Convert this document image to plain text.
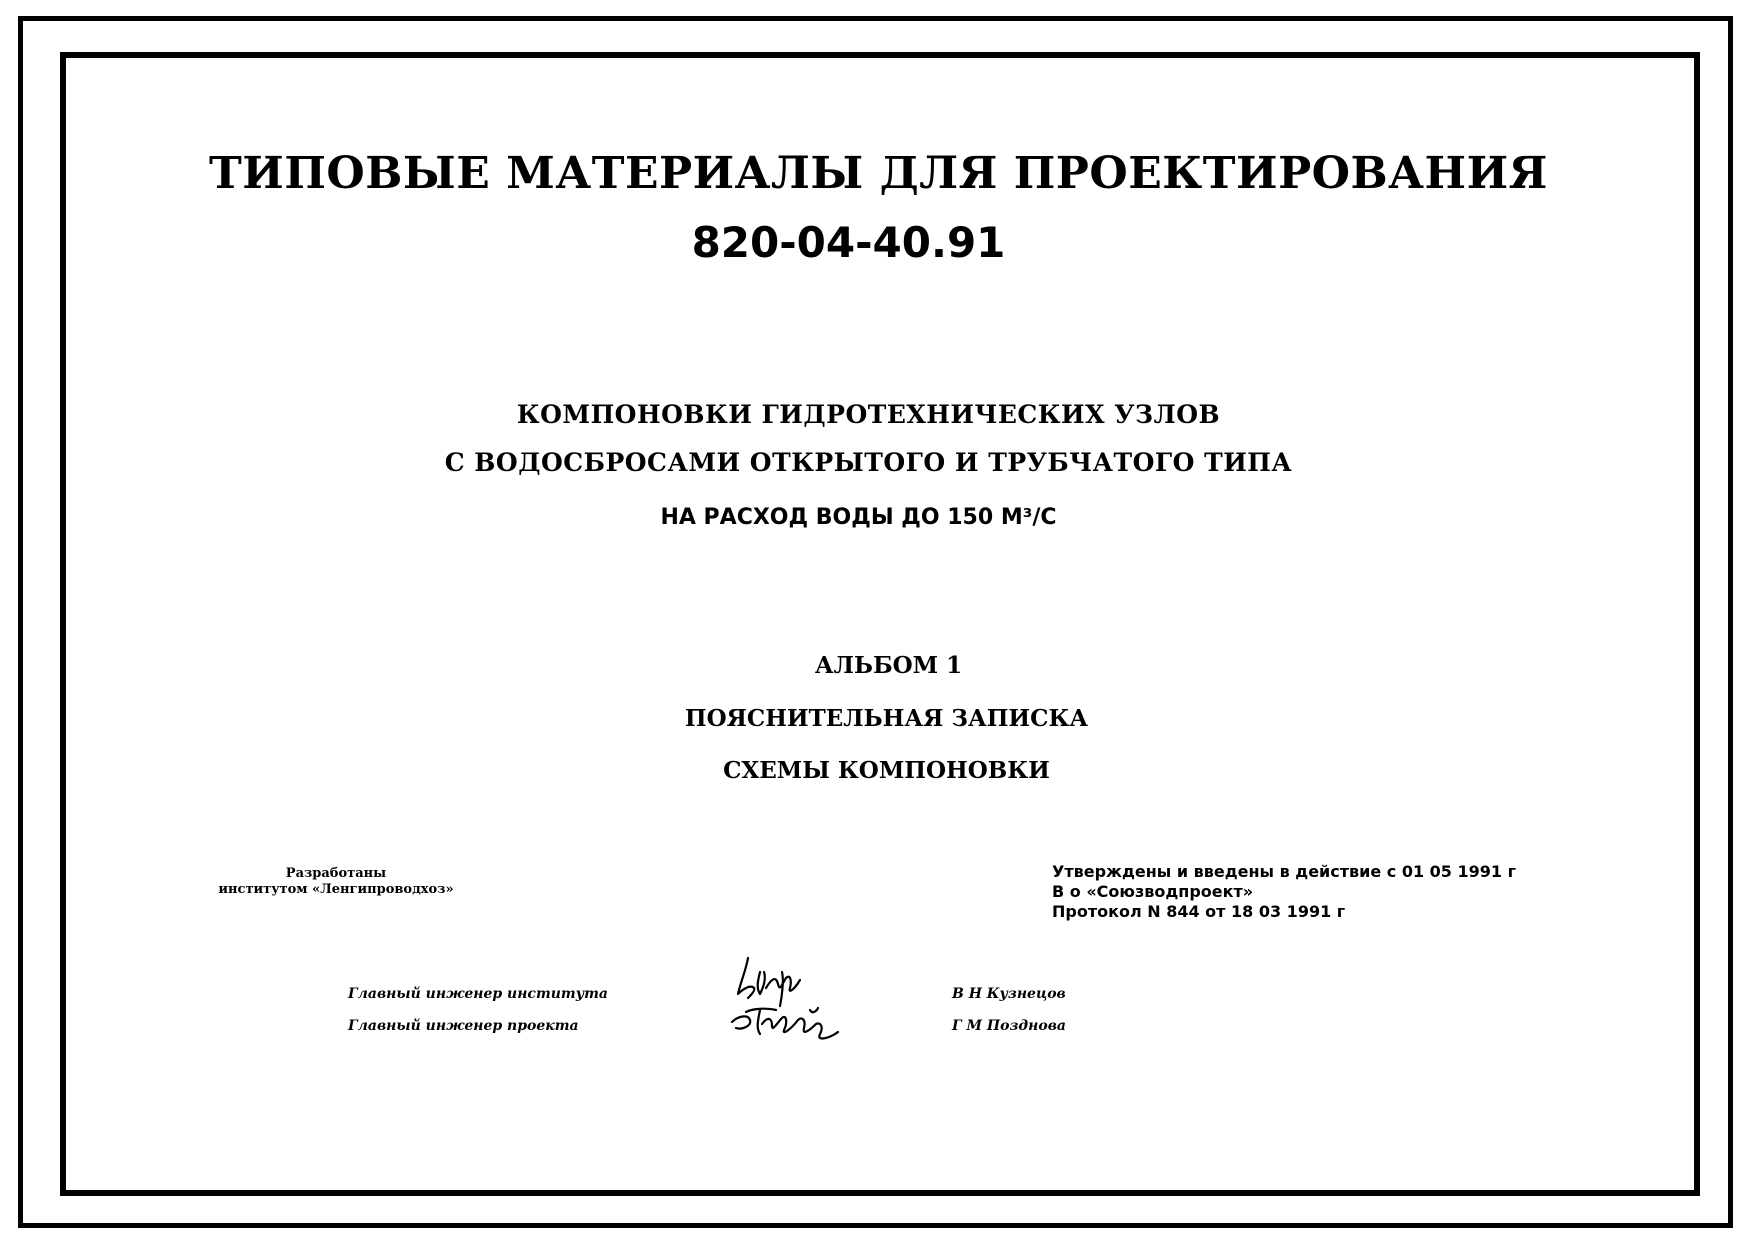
ТИПОВЫЕ МАТЕРИАЛЫ ДЛЯ ПРОЕКТИРОВАНИЯ
820-04-40.91
КОМПОНОВКИ ГИДРОТЕХНИЧЕСКИХ УЗЛОВ
С ВОДОСБРОСАМИ ОТКРЫТОГО И ТРУБЧАТОГО ТИПА
НА РАСХОД ВОДЫ ДО 150 М³/С
АЛЬБОМ 1
ПОЯСНИТЕЛЬНАЯ ЗАПИСКА
СХЕМЫ КОМПОНОВКИ
Разработаны
институтом «Ленгипроводхоз»
Утверждены и введены в действие с 01 05 1991 г
В о «Союзводпроект»
Протокол N 844 от 18 03 1991 г
Главный инженер института
Главный инженер проекта
В Н Кузнецов
Г М Позднова
